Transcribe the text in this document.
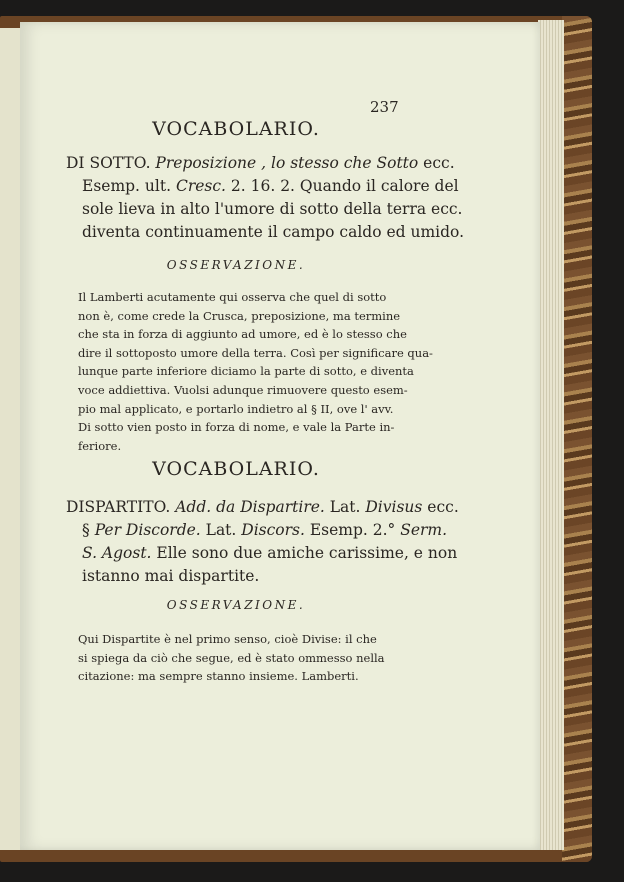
237
VOCABOLARIO.
DI SOTTO. Preposizione , lo stesso che Sotto ecc.
Esemp. ult. Cresc. 2. 16. 2. Quando il calore del
sole lieva in alto l'umore di sotto della terra ecc.
diventa continuamente il campo caldo ed umido.
OSSERVAZIONE.
Il Lamberti acutamente qui osserva che quel di sotto
non è, come crede la Crusca, preposizione, ma termine
che sta in forza di aggiunto ad umore, ed è lo stesso che
dire il sottoposto umore della terra. Così per significare qua-
lunque parte inferiore diciamo la parte di sotto, e diventa
voce addiettiva. Vuolsi adunque rimuovere questo esem-
pio mal applicato, e portarlo indietro al § II, ove l' avv.
Di sotto vien posto in forza di nome, e vale la Parte in-
feriore.
VOCABOLARIO.
DISPARTITO. Add. da Dispartire. Lat. Divisus ecc.
§ Per Discorde. Lat. Discors. Esemp. 2.° Serm.
S. Agost. Elle sono due amiche carissime, e non
istanno mai dispartite.
OSSERVAZIONE.
Qui Dispartite è nel primo senso, cioè Divise: il che
si spiega da ciò che segue, ed è stato ommesso nella
citazione: ma sempre stanno insieme. Lamberti.
